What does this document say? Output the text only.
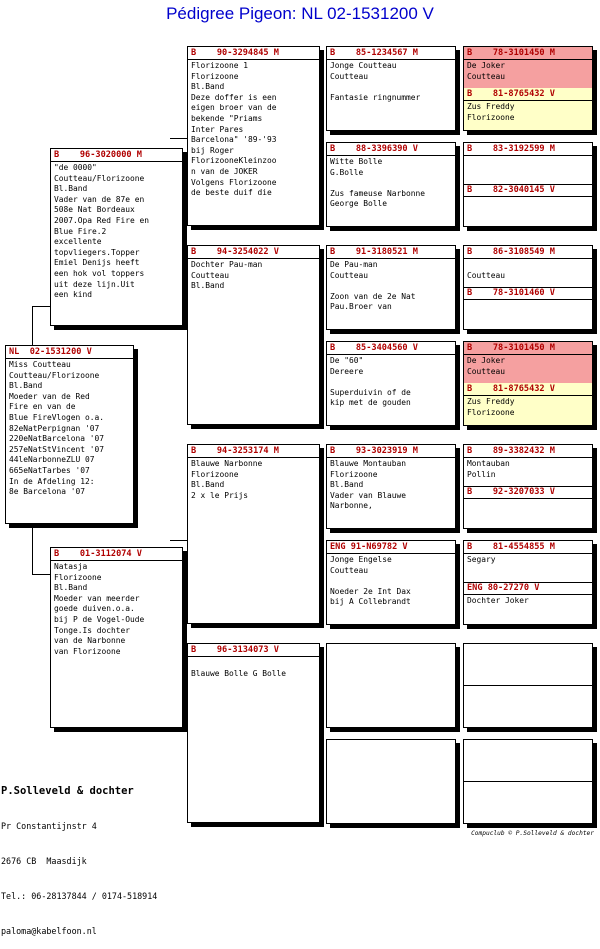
Pédigree Pigeon: NL 02-1531200 V
NL  02-1531200 V
Miss Coutteau
Coutteau/Florizoone
Bl.Band
Moeder van de Red
Fire en van de
Blue FireVlogen o.a.
82eNatPerpignan '07
220eNatBarcelona '07
257eNatStVincent '07
44leNarbonneZLU 07
665eNatTarbes '07
In de Afdeling 12:
8e Barcelona '07
B    96-3020000 M
"de 0000"
Coutteau/Florizoone
Bl.Band
Vader van de 87e en
508e Nat Bordeaux
2007.Opa Red Fire en
Blue Fire.2
excellente
topvliegers.Topper
Emiel Denijs heeft
een hok vol toppers
uit deze lijn.Uit
een kind
B    01-3112074 V
Natasja
Florizoone
Bl.Band
Moeder van meerder
goede duiven.o.a.
bij P de Vogel-Oude
Tonge.Is dochter
van de Narbonne
van Florizoone
B    90-3294845 M
Florizoone 1
Florizoone
Bl.Band
Deze doffer is een
eigen broer van de
bekende "Priams
Inter Pares
Barcelona" '89-'93
bij Roger
FlorizooneKleinzoo
n van de JOKER
Volgens Florizoone
de beste duif die
B    94-3254022 V
Dochter Pau-man
Coutteau
Bl.Band
B    94-3253174 M
Blauwe Narbonne
Florizoone
Bl.Band
2 x le Prijs
B    96-3134073 V

Blauwe Bolle G Bolle
B    85-1234567 M
Jonge Coutteau
Coutteau

Fantasie ringnummer
B    88-3396390 V
Witte Bolle
G.Bolle

Zus fameuse Narbonne
George Bolle
B    91-3180521 M
De Pau-man
Coutteau

Zoon van de 2e Nat
Pau.Broer van
B    85-3404560 V
De "60"
Dereere

Superduivin of de
kip met de gouden
B    93-3023919 M
Blauwe Montauban
Florizoone
Bl.Band
Vader van Blauwe
Narbonne,
ENG 91-N69782 V
Jonge Engelse
Coutteau

Noeder 2e Int Dax
bij A Collebrandt
B    78-3101450 M
De Joker
Coutteau
B    81-8765432 V
Zus Freddy
Florizoone
B    83-3192599 M
B    82-3040145 V
B    86-3108549 M

Coutteau
B    78-3101460 V
B    78-3101450 M
De Joker
Coutteau
B    81-8765432 V
Zus Freddy
Florizoone
B    89-3382432 M
Montauban
Pollin
B    92-3207033 V
B    81-4554855 M
Segary
ENG 80-27270 V
Dochter Joker

P.Solleveld & dochter

Pr Constantijnstr 4

2676 CB  Maasdijk

Tel.: 06-28137844 / 0174-518914

paloma@kabelfoon.nl

Compuclub © P.Solleveld & dochter
